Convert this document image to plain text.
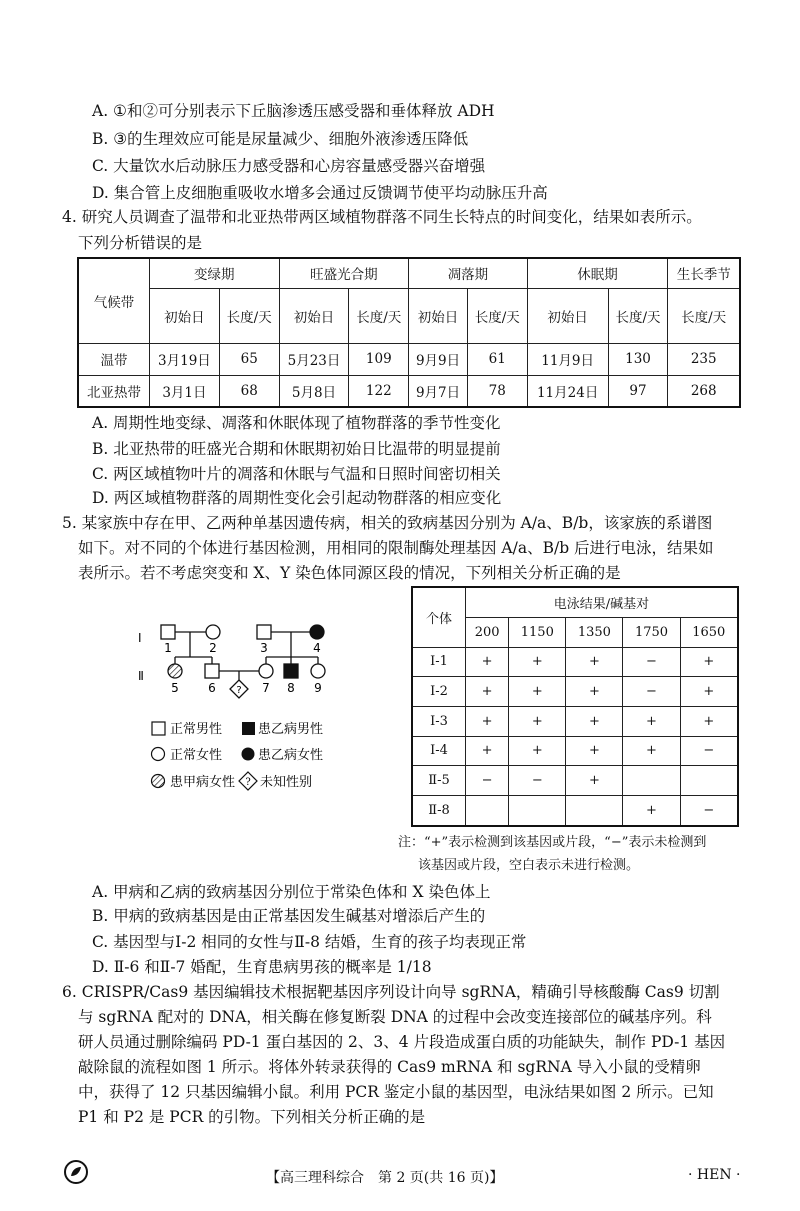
A. ①和②可分别表示下丘脑渗透压感受器和垂体释放 ADH
B. ③的生理效应可能是尿量减少、细胞外液渗透压降低
C. 大量饮水后动脉压力感受器和心房容量感受器兴奋增强
D. 集合管上皮细胞重吸收水增多会通过反馈调节使平均动脉压升高
4. 研究人员调查了温带和北亚热带两区域植物群落不同生长特点的时间变化，结果如表所示。
下列分析错误的是
气候带	变绿期		旺盛光合期		凋落期		休眠期		生长季节
	初始日	长度/天	初始日	长度/天	初始日	长度/天	初始日	长度/天	长度/天
温带	3月19日	65	5月23日	109	9月9日	61	11月9日	130	235
北亚热带	3月1日	68	5月8日	122	9月7日	78	11月24日	97	268
A. 周期性地变绿、凋落和休眠体现了植物群落的季节性变化
B. 北亚热带的旺盛光合期和休眠期初始日比温带的明显提前
C. 两区域植物叶片的凋落和休眠与气温和日照时间密切相关
D. 两区域植物群落的周期性变化会引起动物群落的相应变化
5. 某家族中存在甲、乙两种单基因遗传病，相关的致病基因分别为 A/a、B/b，该家族的系谱图
如下。对不同的个体进行基因检测，用相同的限制酶处理基因 A/a、B/b 后进行电泳，结果如
表所示。若不考虑突变和 X、Y 染色体同源区段的情况，下列相关分析正确的是
Ⅰ
Ⅱ
1	2	3	4
5 6	7 8 9
?
正常男性	患乙病男性
正常女性	患乙病女性
患甲病女性 ? 未知性别
个体	电泳结果/碱基对				
	200	1150	1350	1750	1650
Ⅰ-1	+	+	+	−	+
Ⅰ-2	+	+	+	−	+
Ⅰ-3	+	+	+	+	+
Ⅰ-4	+	+	+	+	−
Ⅱ-5	−	−	+		
Ⅱ-8				+	−
注：“+”表示检测到该基因或片段，“−”表示未检测到
该基因或片段，空白表示未进行检测。
A. 甲病和乙病的致病基因分别位于常染色体和 X 染色体上
B. 甲病的致病基因是由正常基因发生碱基对增添后产生的
C. 基因型与Ⅰ-2 相同的女性与Ⅱ-8 结婚，生育的孩子均表现正常
D. Ⅱ-6 和Ⅱ-7 婚配，生育患病男孩的概率是 1/18
6. CRISPR/Cas9 基因编辑技术根据靶基因序列设计向导 sgRNA，精确引导核酸酶 Cas9 切割
与 sgRNA 配对的 DNA，相关酶在修复断裂 DNA 的过程中会改变连接部位的碱基序列。科
研人员通过删除编码 PD-1 蛋白基因的 2、3、4 片段造成蛋白质的功能缺失，制作 PD-1 基因
敲除鼠的流程如图 1 所示。将体外转录获得的 Cas9 mRNA 和 sgRNA 导入小鼠的受精卵
中，获得了 12 只基因编辑小鼠。利用 PCR 鉴定小鼠的基因型，电泳结果如图 2 所示。已知
P1 和 P2 是 PCR 的引物。下列相关分析正确的是
【高三理科综合　第 2 页(共 16 页)】	· HEN ·
